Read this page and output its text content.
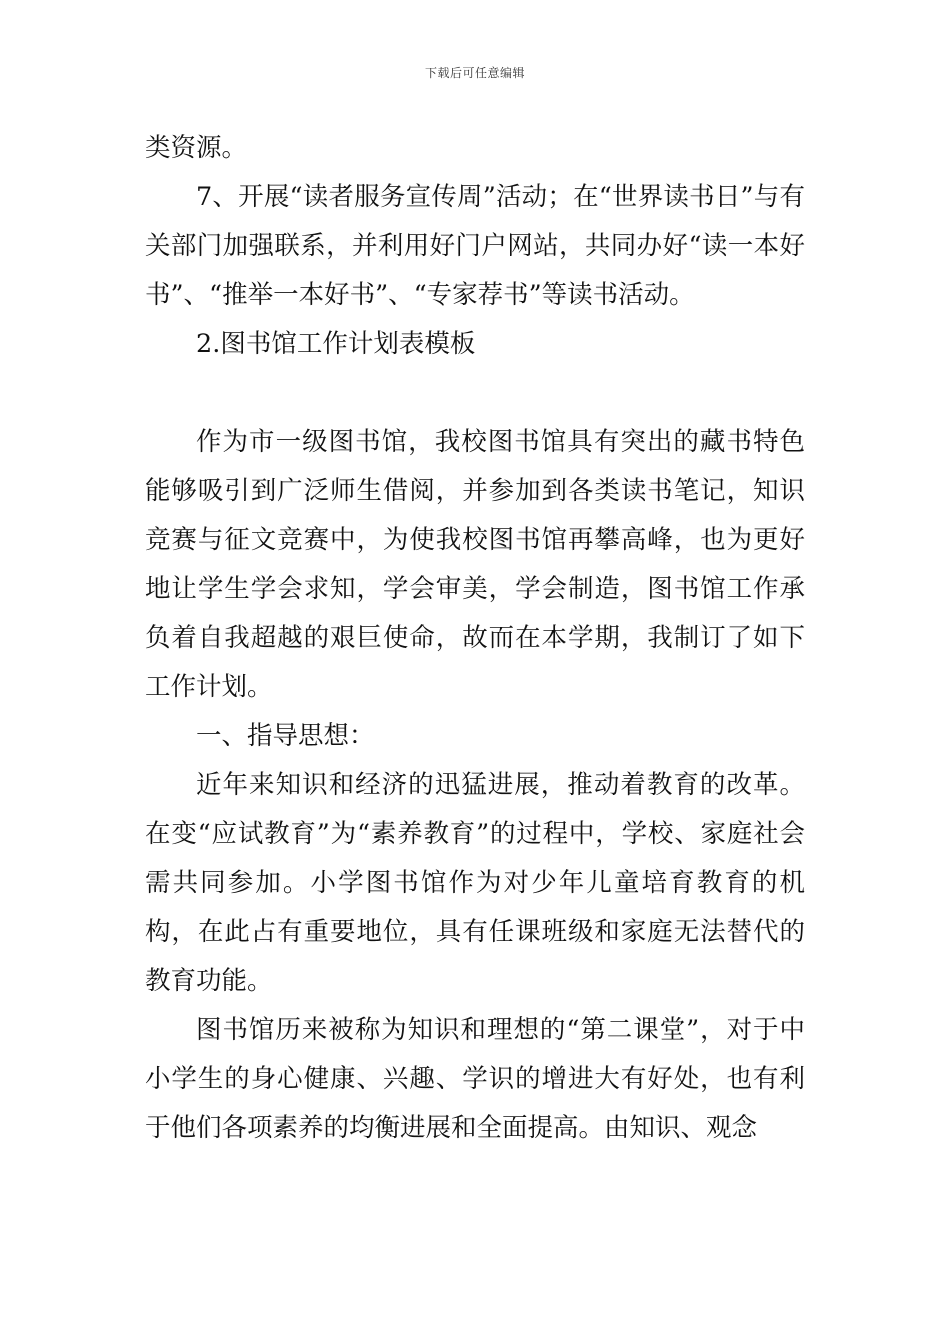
下载后可任意编辑

类资源。

7、开展“读者服务宣传周”活动；在“世界读书日”与有关部门加强联系，并利用好门户网站，共同办好“读一本好书”、“推举一本好书”、“专家荐书”等读书活动。

2.图书馆工作计划表模板

作为市一级图书馆，我校图书馆具有突出的藏书特色能够吸引到广泛师生借阅，并参加到各类读书笔记，知识竞赛与征文竞赛中，为使我校图书馆再攀高峰，也为更好地让学生学会求知，学会审美，学会制造，图书馆工作承负着自我超越的艰巨使命，故而在本学期，我制订了如下工作计划。

一、指导思想：

近年来知识和经济的迅猛进展，推动着教育的改革。在变“应试教育”为“素养教育”的过程中，学校、家庭社会需共同参加。小学图书馆作为对少年儿童培育教育的机构，在此占有重要地位，具有任课班级和家庭无法替代的教育功能。

图书馆历来被称为知识和理想的“第二课堂”，对于中小学生的身心健康、兴趣、学识的增进大有好处，也有利于他们各项素养的均衡进展和全面提高。由知识、观念
